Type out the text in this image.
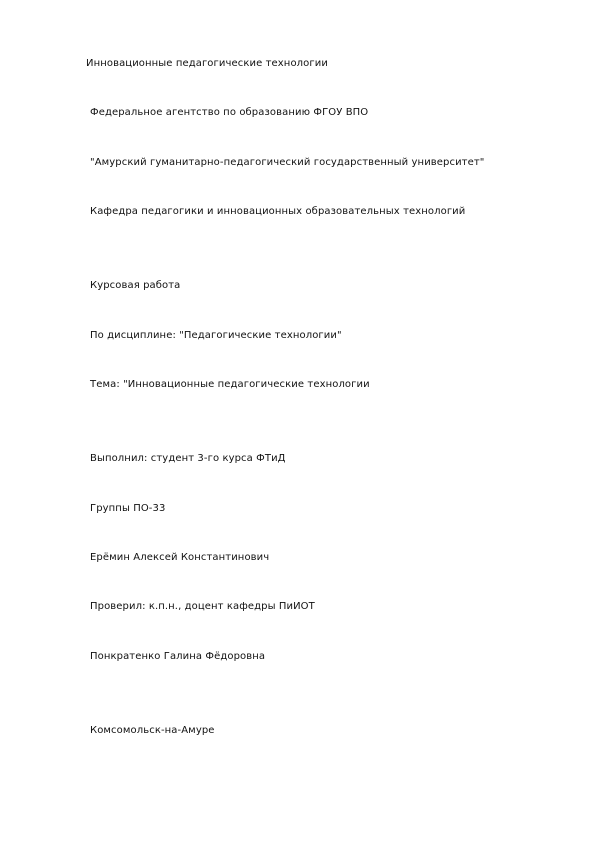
Инновационные педагогические технологии
Федеральное агентство по образованию ФГОУ ВПО
"Амурский гуманитарно-педагогический государственный университет"
Кафедра педагогики и инновационных образовательных технологий
Курсовая работа
По дисциплине: "Педагогические технологии"
Тема: "Инновационные педагогические технологии
Выполнил: студент 3-го курса ФТиД
Группы ПО-33
Ерёмин Алексей Константинович
Проверил: к.п.н., доцент кафедры ПиИОТ
Понкратенко Галина Фёдоровна
Комсомольск-на-Амуре
